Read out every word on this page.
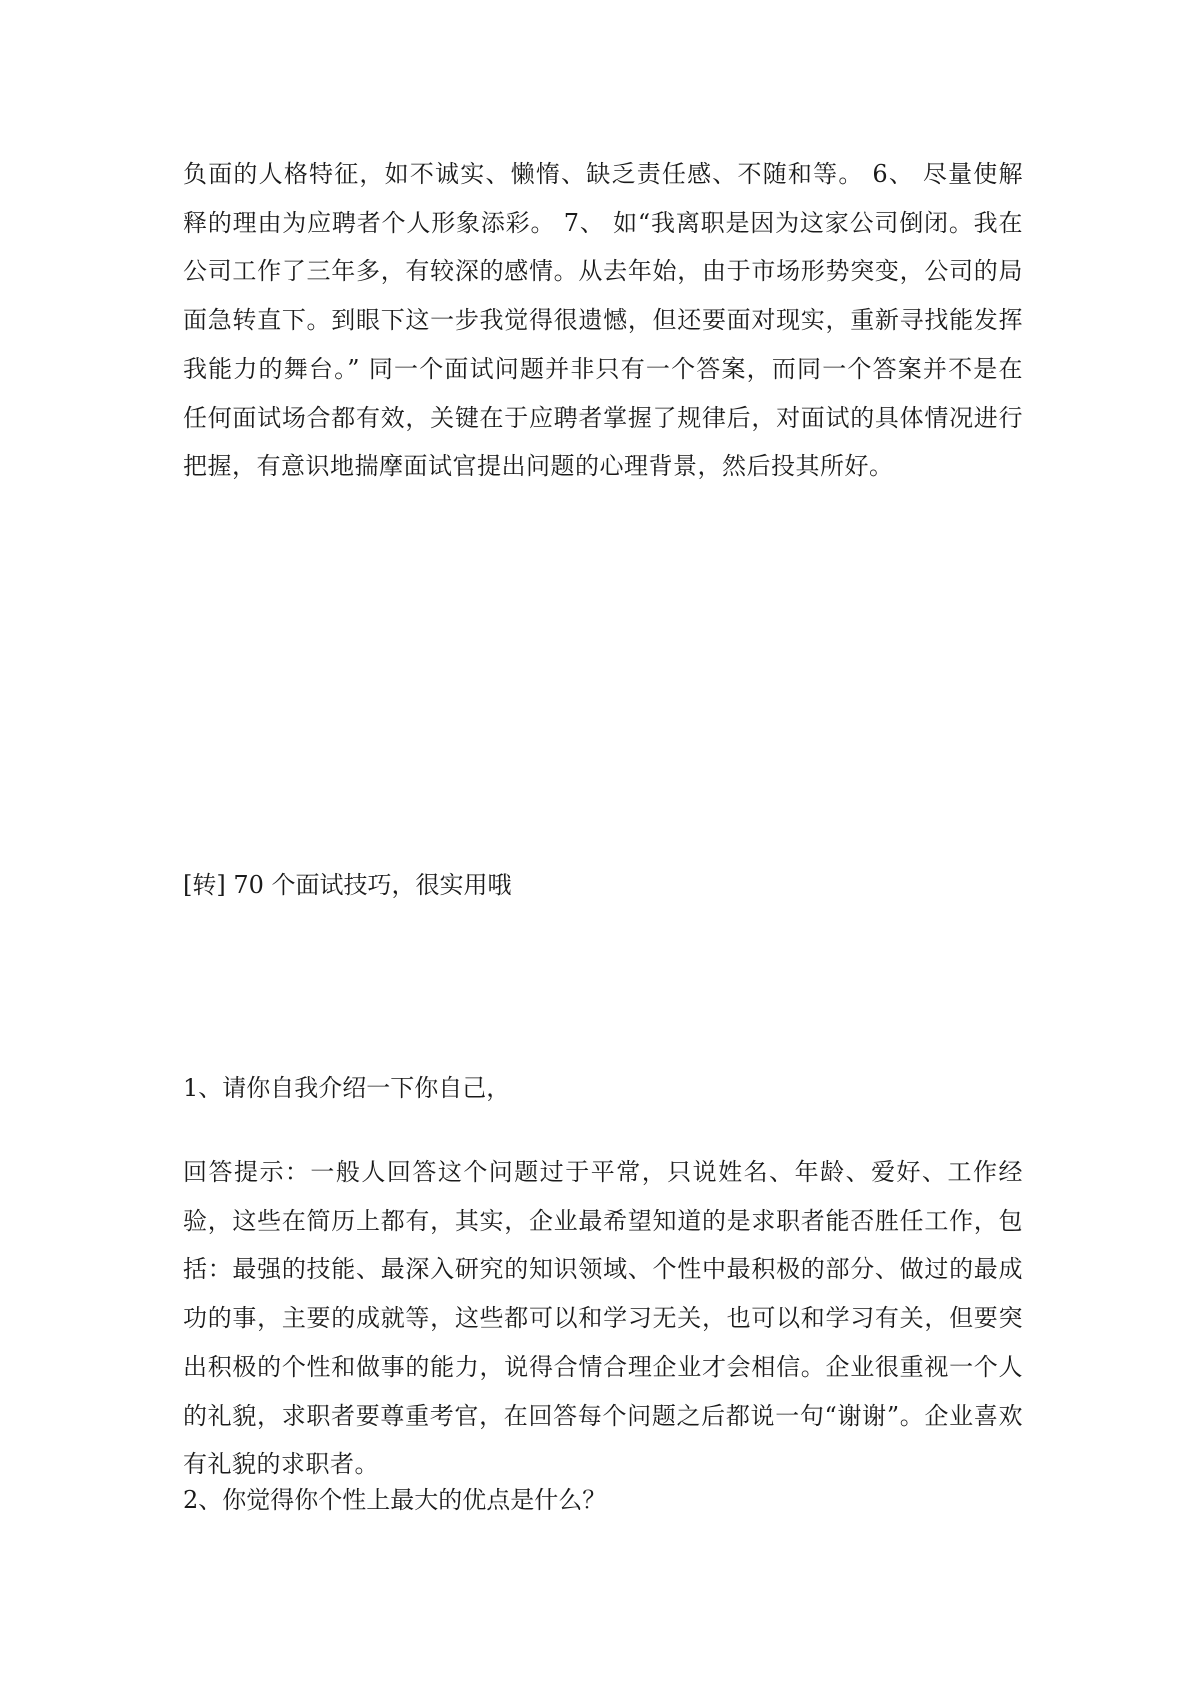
负面的人格特征，如不诚实、懒惰、缺乏责任感、不随和等。 6、 尽量使解释的理由为应聘者个人形象添彩。 7、 如“我离职是因为这家公司倒闭。我在公司工作了三年多，有较深的感情。从去年始，由于市场形势突变，公司的局面急转直下。到眼下这一步我觉得很遗憾，但还要面对现实，重新寻找能发挥我能力的舞台。” 同一个面试问题并非只有一个答案，而同一个答案并不是在任何面试场合都有效，关键在于应聘者掌握了规律后，对面试的具体情况进行把握，有意识地揣摩面试官提出问题的心理背景，然后投其所好。

[转] 70 个面试技巧，很实用哦

1、请你自我介绍一下你自己，

回答提示：一般人回答这个问题过于平常，只说姓名、年龄、爱好、工作经验，这些在简历上都有，其实，企业最希望知道的是求职者能否胜任工作，包括：最强的技能、最深入研究的知识领域、个性中最积极的部分、做过的最成功的事，主要的成就等，这些都可以和学习无关，也可以和学习有关，但要突出积极的个性和做事的能力，说得合情合理企业才会相信。企业很重视一个人的礼貌，求职者要尊重考官，在回答每个问题之后都说一句“谢谢”。企业喜欢有礼貌的求职者。

2、你觉得你个性上最大的优点是什么？
